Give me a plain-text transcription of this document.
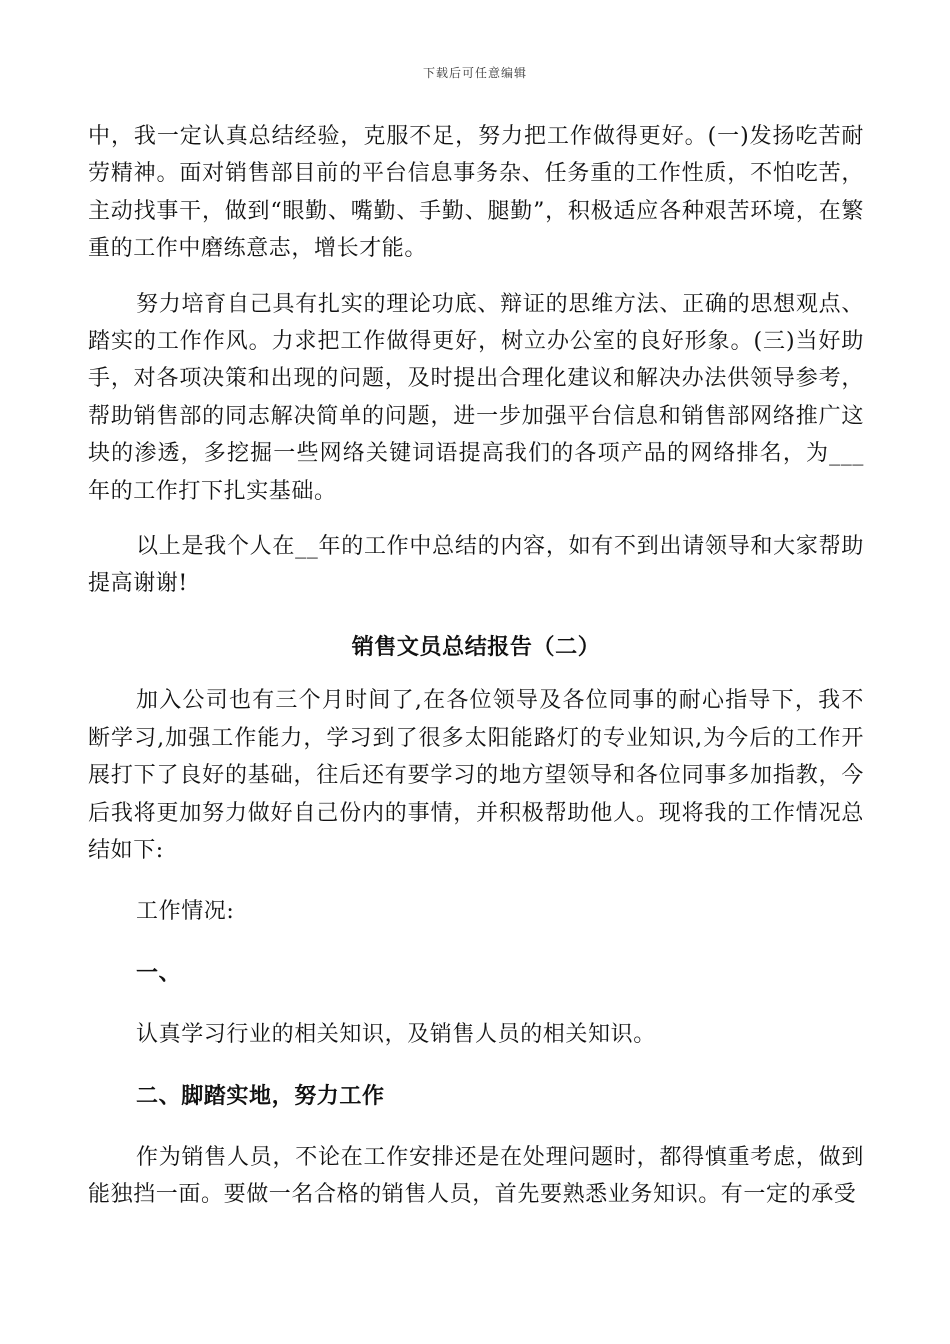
下载后可任意编辑

中，我一定认真总结经验，克服不足，努力把工作做得更好。(一)发扬吃苦耐劳精神。面对销售部目前的平台信息事务杂、任务重的工作性质，不怕吃苦，主动找事干，做到“眼勤、嘴勤、手勤、腿勤”，积极适应各种艰苦环境，在繁重的工作中磨练意志，增长才能。

努力培育自己具有扎实的理论功底、辩证的思维方法、正确的思想观点、踏实的工作作风。力求把工作做得更好，树立办公室的良好形象。(三)当好助手，对各项决策和出现的问题，及时提出合理化建议和解决办法供领导参考，帮助销售部的同志解决简单的问题，进一步加强平台信息和销售部网络推广这块的渗透，多挖掘一些网络关键词语提高我们的各项产品的网络排名，为___年的工作打下扎实基础。

以上是我个人在__年的工作中总结的内容，如有不到出请领导和大家帮助提高谢谢!

销售文员总结报告（二）

加入公司也有三个月时间了,在各位领导及各位同事的耐心指导下，我不断学习,加强工作能力，学习到了很多太阳能路灯的专业知识,为今后的工作开展打下了良好的基础，往后还有要学习的地方望领导和各位同事多加指教，今后我将更加努力做好自己份内的事情，并积极帮助他人。现将我的工作情况总结如下:

工作情况:

一、

认真学习行业的相关知识，及销售人员的相关知识。

二、脚踏实地，努力工作

作为销售人员，不论在工作安排还是在处理问题时，都得慎重考虑，做到能独挡一面。要做一名合格的销售人员，首先要熟悉业务知识。有一定的承受
